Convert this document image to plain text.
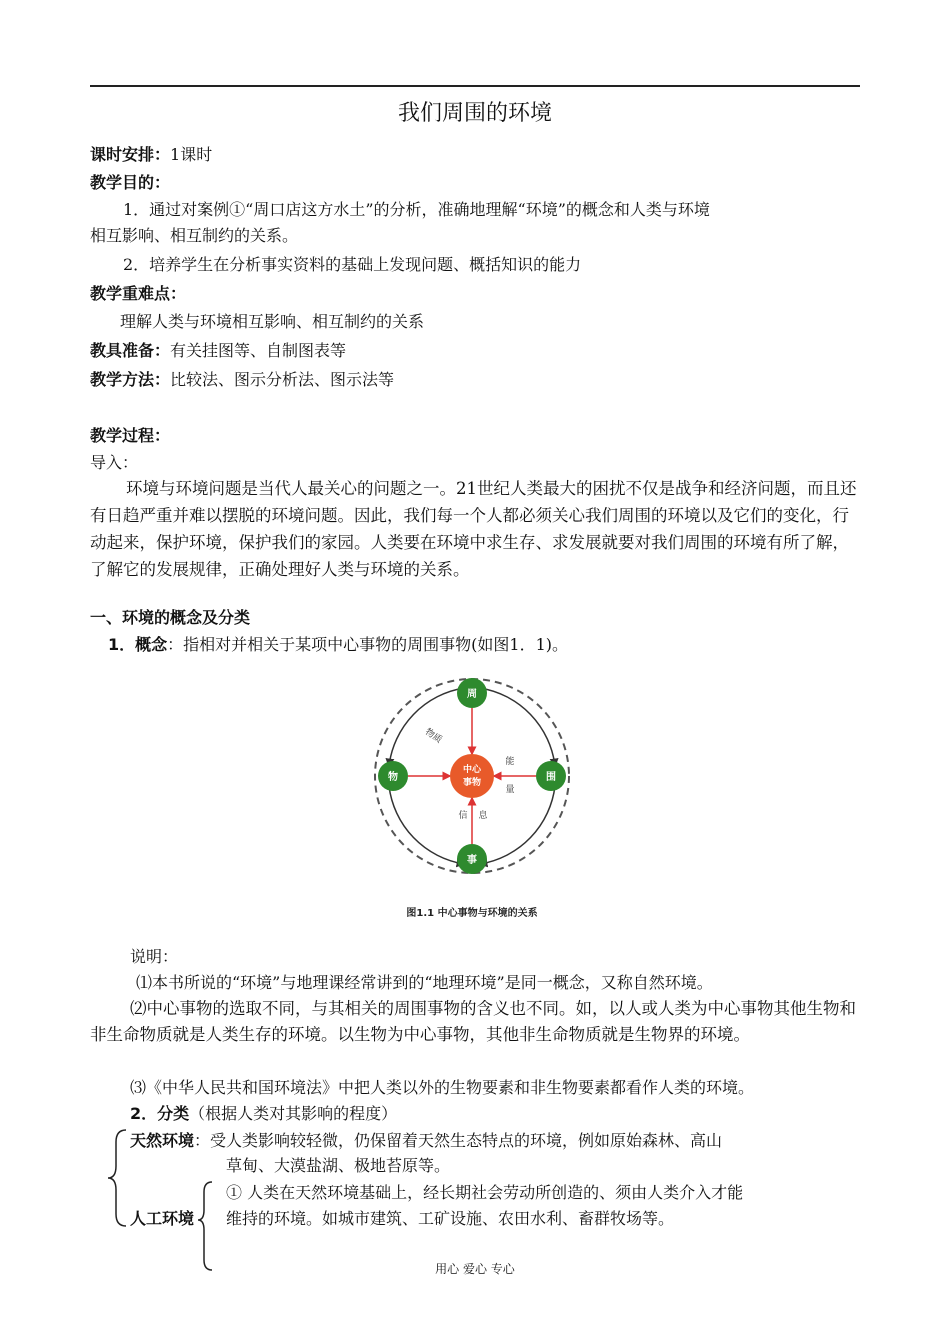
我们周围的环境
课时安排：1课时
教学目的：
1．通过对案例①“周口店这方水土”的分析，准确地理解“环境”的概念和人类与环境
相互影响、相互制约的关系。
2．培养学生在分析事实资料的基础上发现问题、概括知识的能力
教学重难点：
理解人类与环境相互影响、相互制约的关系
教具准备：有关挂图等、自制图表等
教学方法：比较法、图示分析法、图示法等
教学过程：
导入：
环境与环境问题是当代人最关心的问题之一。21世纪人类最大的困扰不仅是战争和经济问题，而且还有日趋严重并难以摆脱的环境问题。因此，我们每一个人都必须关心我们周围的环境以及它们的变化，行动起来，保护环境，保护我们的家园。人类要在环境中求生存、求发展就要对我们周围的环境有所了解，了解它的发展规律，正确处理好人类与环境的关系。
一、环境的概念及分类
1．概念：指相对并相关于某项中心事物的周围事物(如图1．1)。
中心
事物
周
物	围
事
物质
能
量
信 息
图1.1 中心事物与环境的关系
说明：
⑴本书所说的“环境”与地理课经常讲到的“地理环境”是同一概念，又称自然环境。
⑵中心事物的选取不同，与其相关的周围事物的含义也不同。如，以人或人类为中心事物其他生物和非生命物质就是人类生存的环境。以生物为中心事物，其他非生命物质就是生物界的环境。
⑶《中华人民共和国环境法》中把人类以外的生物要素和非生物要素都看作人类的环境。
2．分类（根据人类对其影响的程度）
天然环境：受人类影响较轻微，仍保留着天然生态特点的环境，例如原始森林、高山
草甸、大漠盐湖、极地苔原等。
人工环境
① 人类在天然环境基础上，经长期社会劳动所创造的、须由人类介入才能
维持的环境。如城市建筑、工矿设施、农田水利、畜群牧场等。
用心 爱心 专心
